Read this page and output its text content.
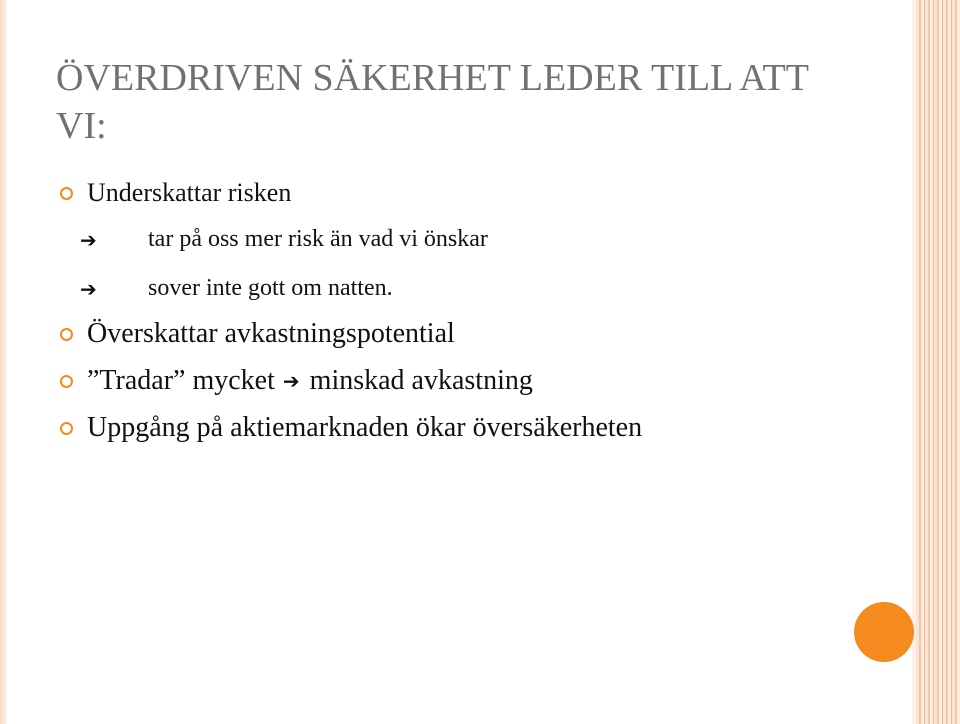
ÖVERDRIVEN SÄKERHET LEDER TILL ATT VI:
Underskattar risken
➔	tar på oss mer risk än vad vi önskar
➔	sover inte gott om natten.
Överskattar avkastningspotential
”Tradar” mycket ➔ minskad avkastning
Uppgång på aktiemarknaden ökar översäkerheten
